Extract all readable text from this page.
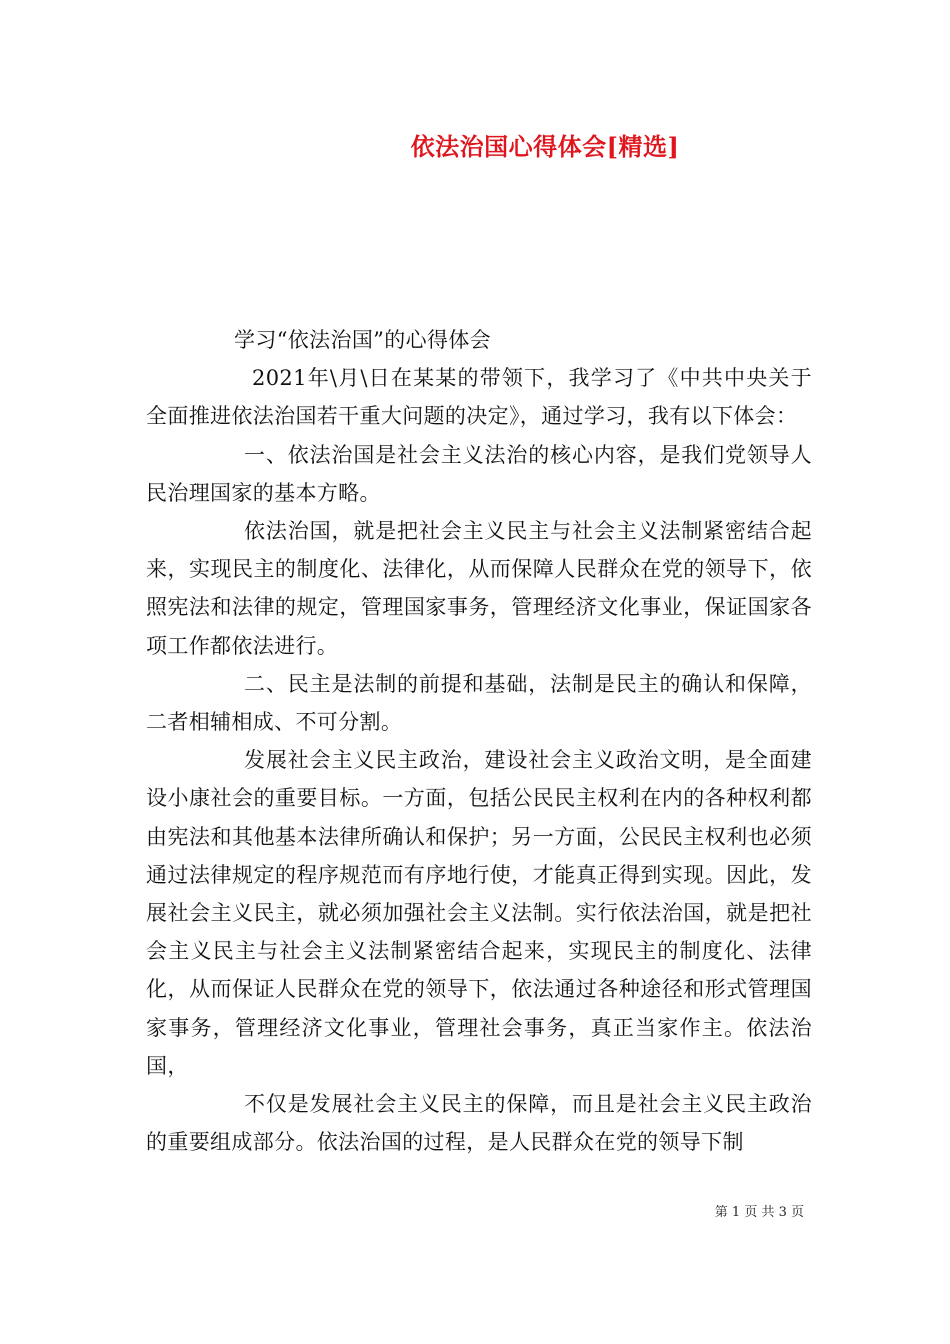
依法治国心得体会[精选]

学习“依法治国”的心得体会

2021年\月\日在某某的带领下，我学习了《中共中央关于全面推进依法治国若干重大问题的决定》，通过学习，我有以下体会：

一、依法治国是社会主义法治的核心内容，是我们党领导人民治理国家的基本方略。

依法治国，就是把社会主义民主与社会主义法制紧密结合起来，实现民主的制度化、法律化，从而保障人民群众在党的领导下，依照宪法和法律的规定，管理国家事务，管理经济文化事业，保证国家各项工作都依法进行。

二、民主是法制的前提和基础，法制是民主的确认和保障，二者相辅相成、不可分割。

发展社会主义民主政治，建设社会主义政治文明，是全面建设小康社会的重要目标。一方面，包括公民民主权利在内的各种权利都由宪法和其他基本法律所确认和保护；另一方面，公民民主权利也必须通过法律规定的程序规范而有序地行使，才能真正得到实现。因此，发展社会主义民主，就必须加强社会主义法制。实行依法治国，就是把社会主义民主与社会主义法制紧密结合起来，实现民主的制度化、法律化，从而保证人民群众在党的领导下，依法通过各种途径和形式管理国家事务，管理经济文化事业，管理社会事务，真正当家作主。依法治国，

不仅是发展社会主义民主的保障，而且是社会主义民主政治的重要组成部分。依法治国的过程，是人民群众在党的领导下制

第 1 页 共 3 页
